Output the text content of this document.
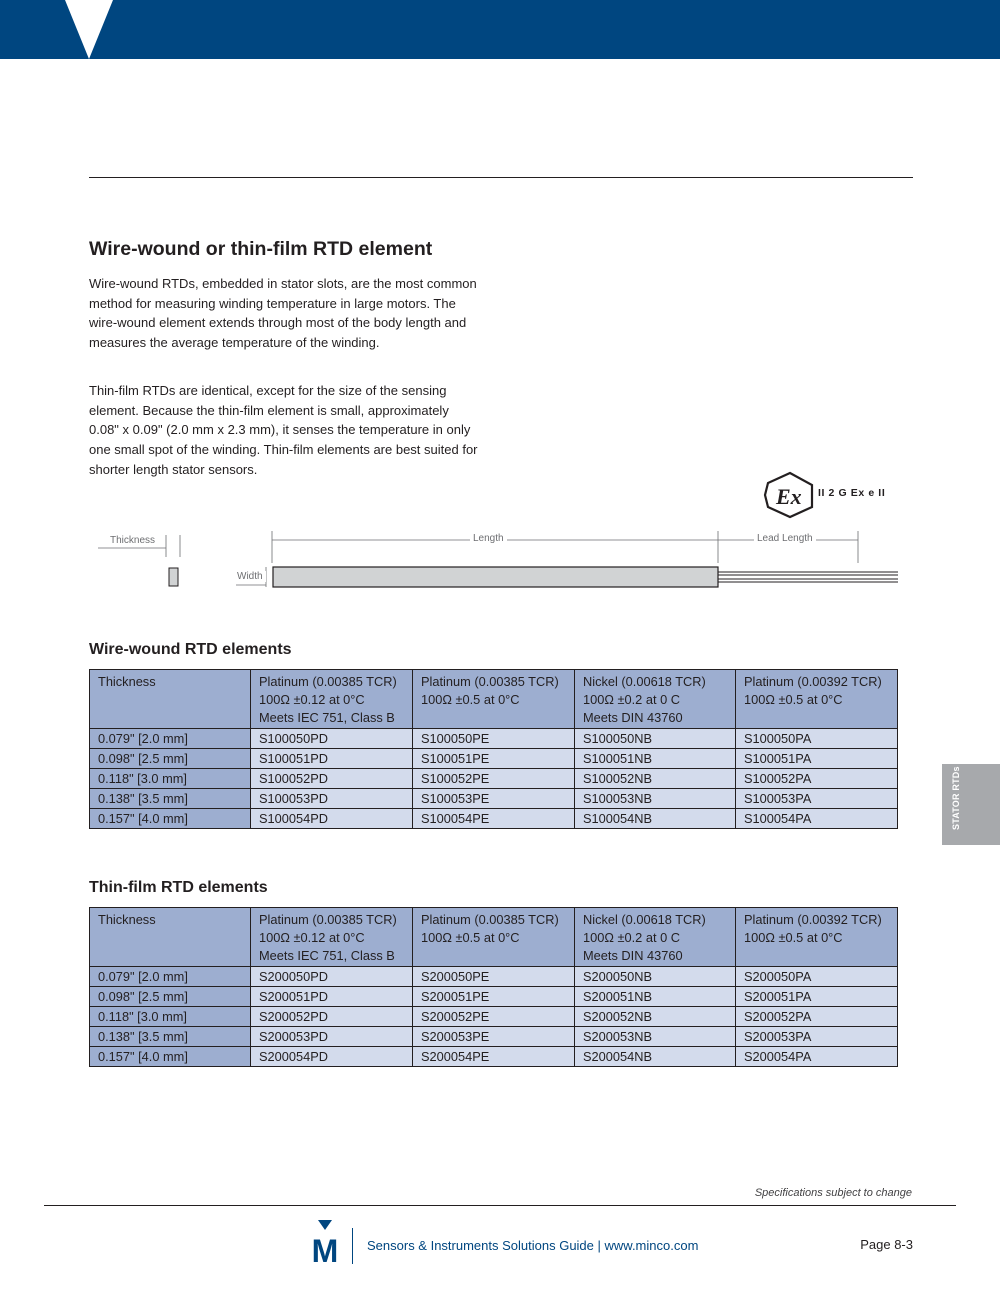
Wire-wound or thin-film RTD element

Wire-wound RTDs, embedded in stator slots, are the most common method for measuring winding temperature in large motors. The wire-wound element extends through most of the body length and measures the average temperature of the winding.

Thin-film RTDs are identical, except for the size of the sensing element. Because the thin-film element is small, approximately 0.08" x 0.09" (2.0 mm x 2.3 mm), it senses the temperature in only one small spot of the winding. Thin-film elements are best suited for shorter length stator sensors.

Ex II 2 G Ex e II
Thickness
Width
Length	Lead Length
Wire-wound RTD elements
Thickness	Platinum (0.00385 TCR)
100Ω ±0.12 at 0°C
Meets IEC 751, Class B	Platinum (0.00385 TCR)
100Ω ±0.5 at 0°C	Nickel (0.00618 TCR)
100Ω ±0.2 at 0 C
Meets DIN 43760	Platinum (0.00392 TCR)
100Ω ±0.5 at 0°C
0.079" [2.0 mm]	S100050PD	S100050PE	S100050NB	S100050PA
0.098" [2.5 mm]	S100051PD	S100051PE	S100051NB	S100051PA
0.118" [3.0 mm]	S100052PD	S100052PE	S100052NB	S100052PA
0.138" [3.5 mm]	S100053PD	S100053PE	S100053NB	S100053PA
0.157" [4.0 mm]	S100054PD	S100054PE	S100054NB	S100054PA
Thin-film RTD elements
Thickness	Platinum (0.00385 TCR)
100Ω ±0.12 at 0°C
Meets IEC 751, Class B	Platinum (0.00385 TCR)
100Ω ±0.5 at 0°C	Nickel (0.00618 TCR)
100Ω ±0.2 at 0 C
Meets DIN 43760	Platinum (0.00392 TCR)
100Ω ±0.5 at 0°C
0.079" [2.0 mm]	S200050PD	S200050PE	S200050NB	S200050PA
0.098" [2.5 mm]	S200051PD	S200051PE	S200051NB	S200051PA
0.118" [3.0 mm]	S200052PD	S200052PE	S200052NB	S200052PA
0.138" [3.5 mm]	S200053PD	S200053PE	S200053NB	S200053PA
0.157" [4.0 mm]	S200054PD	S200054PE	S200054NB	S200054PA
STATOR RTDs
Specifications subject to change
M Sensors & Instruments Solutions Guide | www.minco.com	Page 8-3
